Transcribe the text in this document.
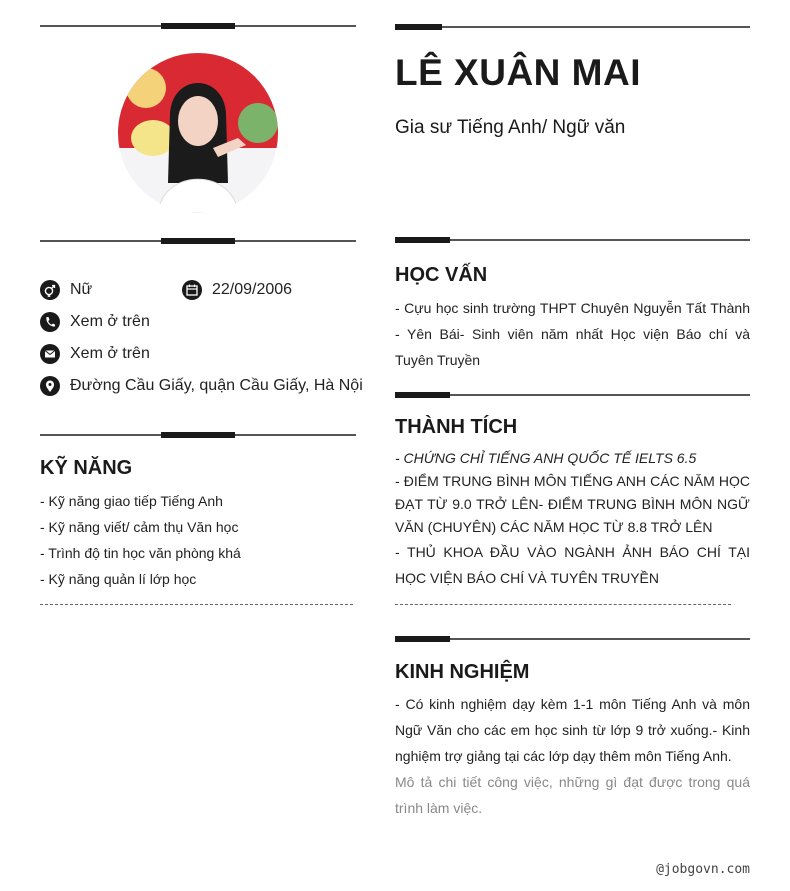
Nữ	22/09/2006
Xem ở trên
Xem ở trên
Đường Cầu Giấy, quận Cầu Giấy, Hà Nội
KỸ NĂNG
- Kỹ năng giao tiếp Tiếng Anh
- Kỹ năng viết/ cảm thụ Văn học
- Trình độ tin học văn phòng khá
- Kỹ năng quản lí lớp học
LÊ XUÂN MAI
Gia sư Tiếng Anh/ Ngữ văn
HỌC VẤN
- Cựu học sinh trường THPT Chuyên Nguyễn Tất Thành - Yên Bái- Sinh viên năm nhất Học viện Báo chí và Tuyên Truyền
THÀNH TÍCH
- CHỨNG CHỈ TIẾNG ANH QUỐC TẾ IELTS 6.5
- ĐIỂM TRUNG BÌNH MÔN TIẾNG ANH CÁC NĂM HỌC ĐẠT TỪ 9.0 TRỞ LÊN- ĐIỂM TRUNG BÌNH MÔN NGỮ VĂN (CHUYÊN) CÁC NĂM HỌC TỪ 8.8 TRỞ LÊN
- THỦ KHOA ĐẦU VÀO NGÀNH ẢNH BÁO CHÍ TẠI HỌC VIỆN BÁO CHÍ VÀ TUYÊN TRUYỀN
KINH NGHIỆM
- Có kinh nghiệm dạy kèm 1-1 môn Tiếng Anh và môn Ngữ Văn cho các em học sinh từ lớp 9 trở xuống.- Kinh nghiệm trợ giảng tại các lớp dạy thêm môn Tiếng Anh.
Mô tả chi tiết công việc, những gì đạt được trong quá trình làm việc.
@jobgovn.com
